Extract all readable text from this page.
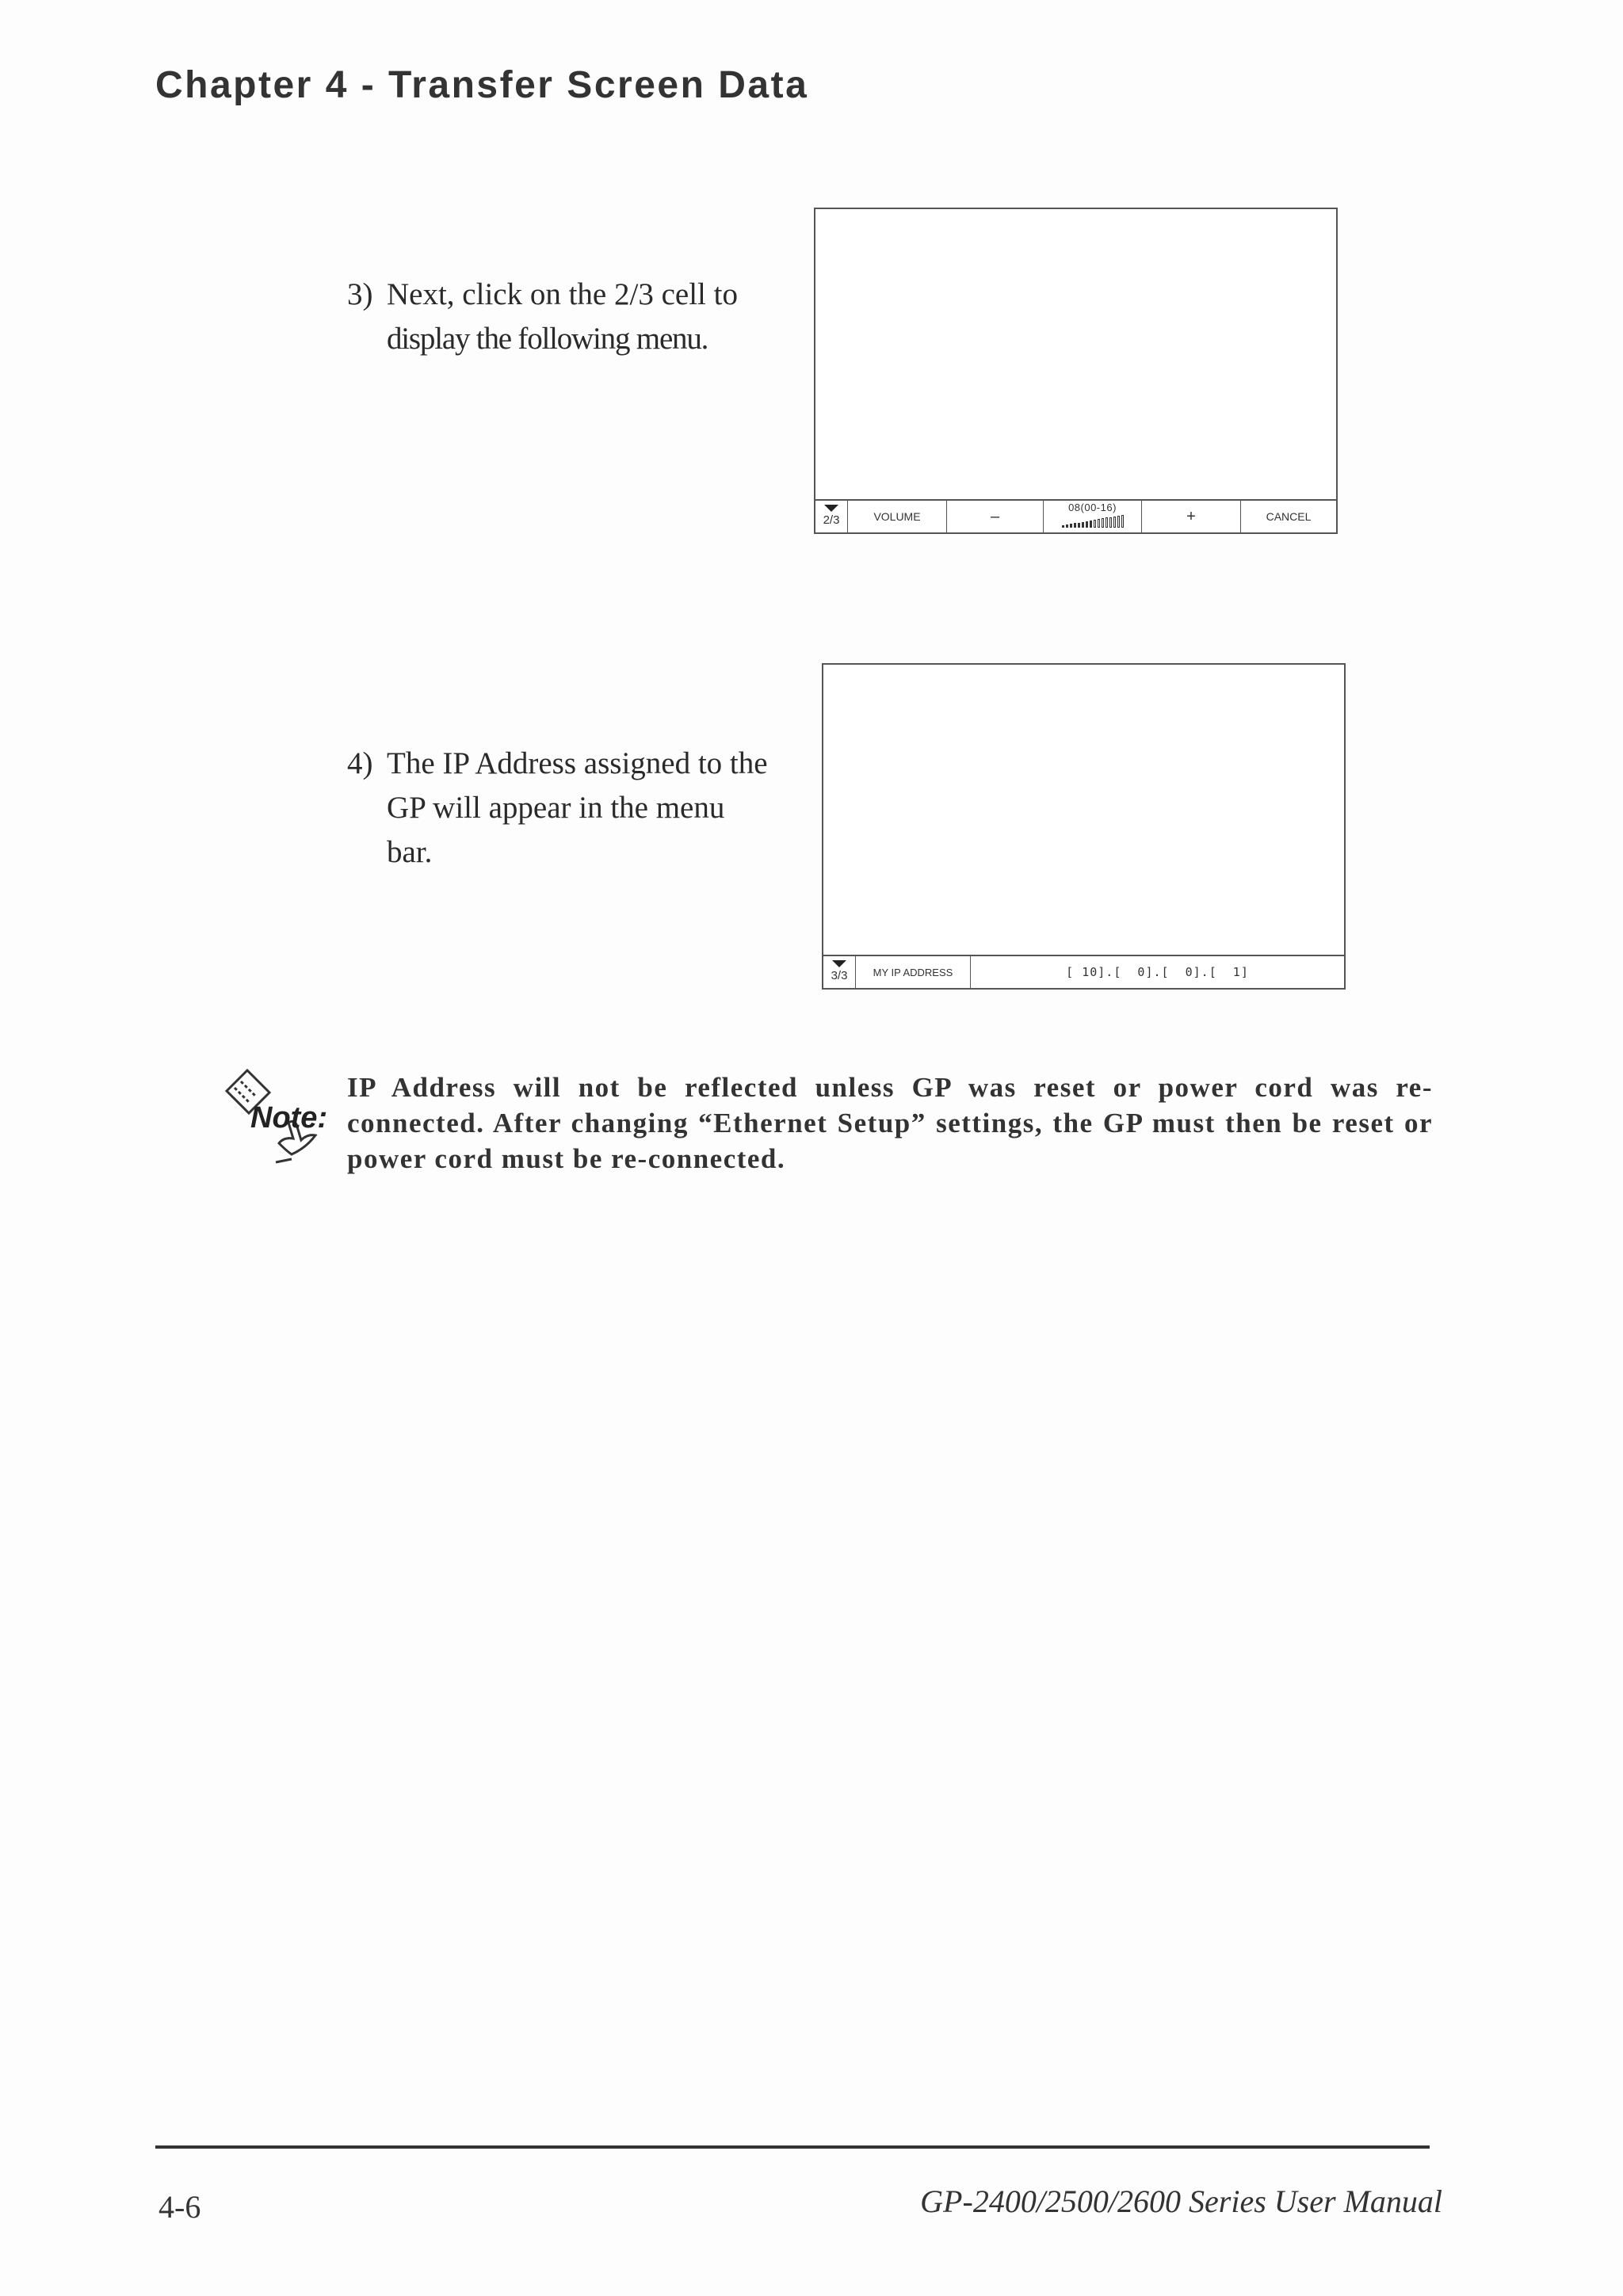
Chapter 4 - Transfer Screen Data
3) Next, click on the 2/3 cell to
display the following menu.
2/3	VOLUME	–	08(00-16)	+	CANCEL
4) The IP Address assigned to the
GP will appear in the menu
bar.
3/3	MY IP ADDRESS	[ 10].[  0].[  0].[  1]
Note:
IP Address will not be reflected unless GP was reset or power cord was re-connected. After changing “Ethernet Setup” settings, the GP must then be reset or power cord must be re-connected.
4-6	GP-2400/2500/2600 Series User Manual
